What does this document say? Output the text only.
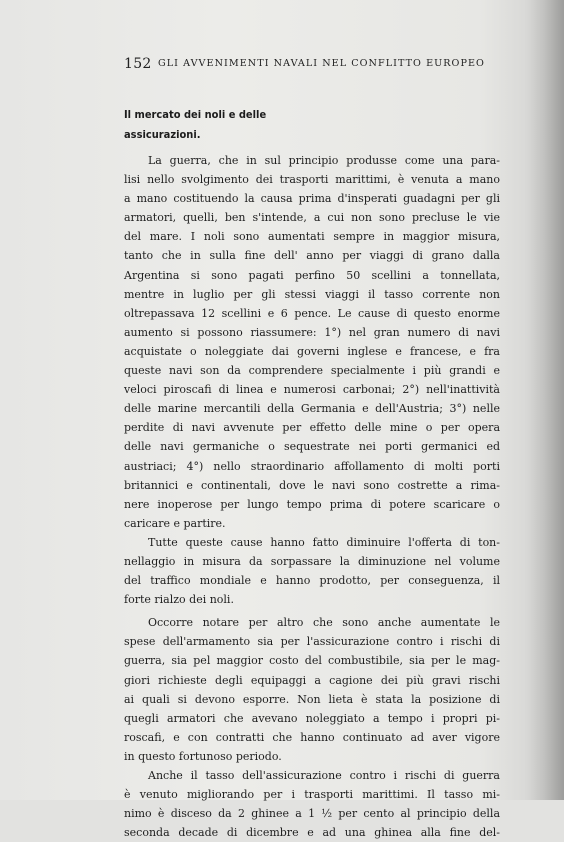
152 GLI AVVENIMENTI NAVALI NEL CONFLITTO EUROPEO
Il mercato dei noli e delle
assicurazioni.
La guerra, che in sul principio produsse come una para-
lisi nello svolgimento dei trasporti marittimi, è venuta a mano
a mano costituendo la causa prima d'insperati guadagni per gli
armatori, quelli, ben s'intende, a cui non sono precluse le vie
del mare. I noli sono aumentati sempre in maggior misura,
tanto che in sulla fine dell' anno per viaggi di grano dalla
Argentina si sono pagati perfino 50 scellini a tonnellata,
mentre in luglio per gli stessi viaggi il tasso corrente non
oltrepassava 12 scellini e 6 pence. Le cause di questo enorme
aumento si possono riassumere: 1°) nel gran numero di navi
acquistate o noleggiate dai governi inglese e francese, e fra
queste navi son da comprendere specialmente i più grandi e
veloci piroscafi di linea e numerosi carbonai; 2°) nell'inattività
delle marine mercantili della Germania e dell'Austria; 3°) nelle
perdite di navi avvenute per effetto delle mine o per opera
delle navi germaniche o sequestrate nei porti germanici ed
austriaci; 4°) nello straordinario affollamento di molti porti
britannici e continentali, dove le navi sono costrette a rima-
nere inoperose per lungo tempo prima di potere scaricare o
caricare e partire.
Tutte queste cause hanno fatto diminuire l'offerta di ton-
nellaggio in misura da sorpassare la diminuzione nel volume
del traffico mondiale e hanno prodotto, per conseguenza, il
forte rialzo dei noli.
Occorre notare per altro che sono anche aumentate le
spese dell'armamento sia per l'assicurazione contro i rischi di
guerra, sia pel maggior costo del combustibile, sia per le mag-
giori richieste degli equipaggi a cagione dei più gravi rischi
ai quali si devono esporre. Non lieta è stata la posizione di
quegli armatori che avevano noleggiato a tempo i propri pi-
roscafi, e con contratti che hanno continuato ad aver vigore
in questo fortunoso periodo.
Anche il tasso dell'assicurazione contro i rischi di guerra
è venuto migliorando per i trasporti marittimi. Il tasso mi-
nimo è disceso da 2 ghinee a 1 ½ per cento al principio della
seconda decade di dicembre e ad una ghinea alla fine del-
